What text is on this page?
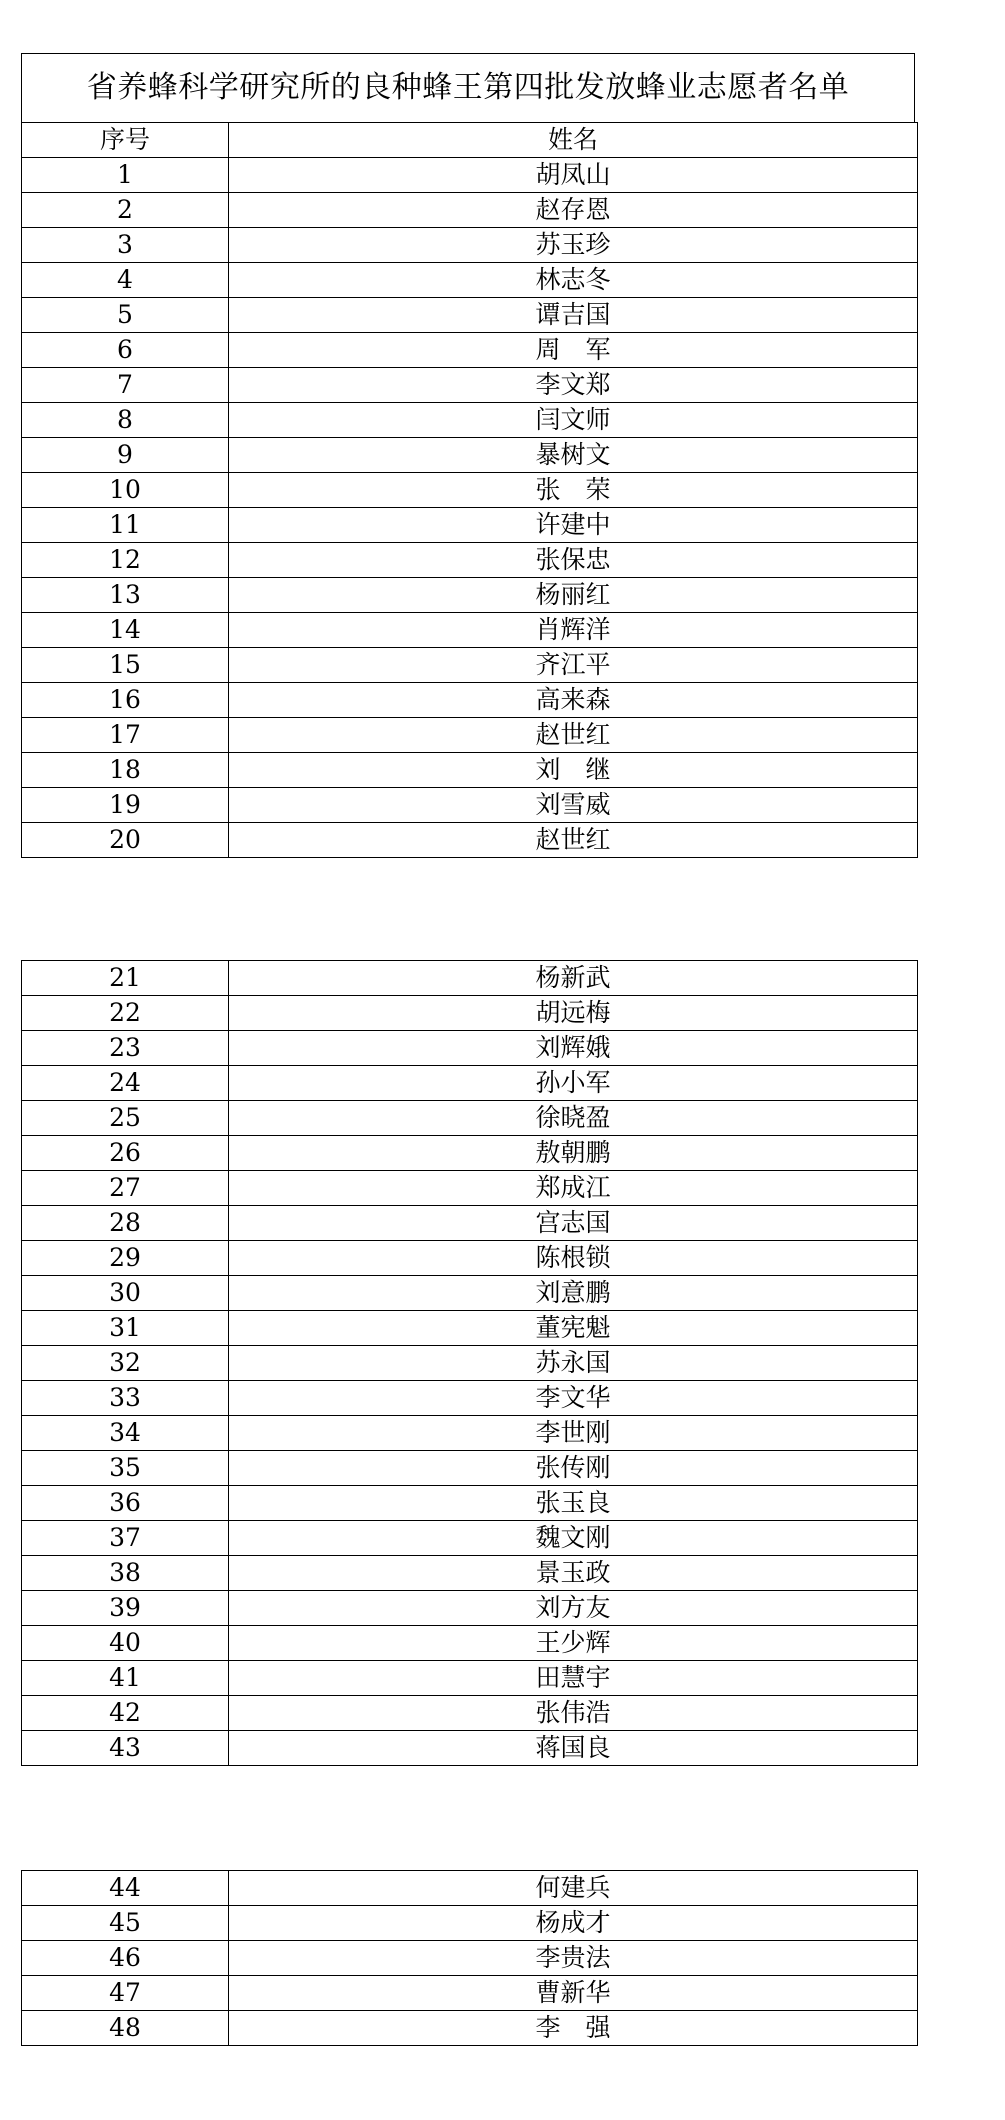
省养蜂科学研究所的良种蜂王第四批发放蜂业志愿者名单
序号	姓名
1	胡凤山
2	赵存恩
3	苏玉珍
4	林志冬
5	谭吉国
6	周　军
7	李文郑
8	闫文师
9	暴树文
10	张　荣
11	许建中
12	张保忠
13	杨丽红
14	肖辉洋
15	齐江平
16	高来森
17	赵世红
18	刘　继
19	刘雪威
20	赵世红
21	杨新武
22	胡远梅
23	刘辉娥
24	孙小军
25	徐晓盈
26	敖朝鹏
27	郑成江
28	宫志国
29	陈根锁
30	刘意鹏
31	董宪魁
32	苏永国
33	李文华
34	李世刚
35	张传刚
36	张玉良
37	魏文刚
38	景玉政
39	刘方友
40	王少辉
41	田慧宇
42	张伟浩
43	蒋国良
44	何建兵
45	杨成才
46	李贵法
47	曹新华
48	李　强
